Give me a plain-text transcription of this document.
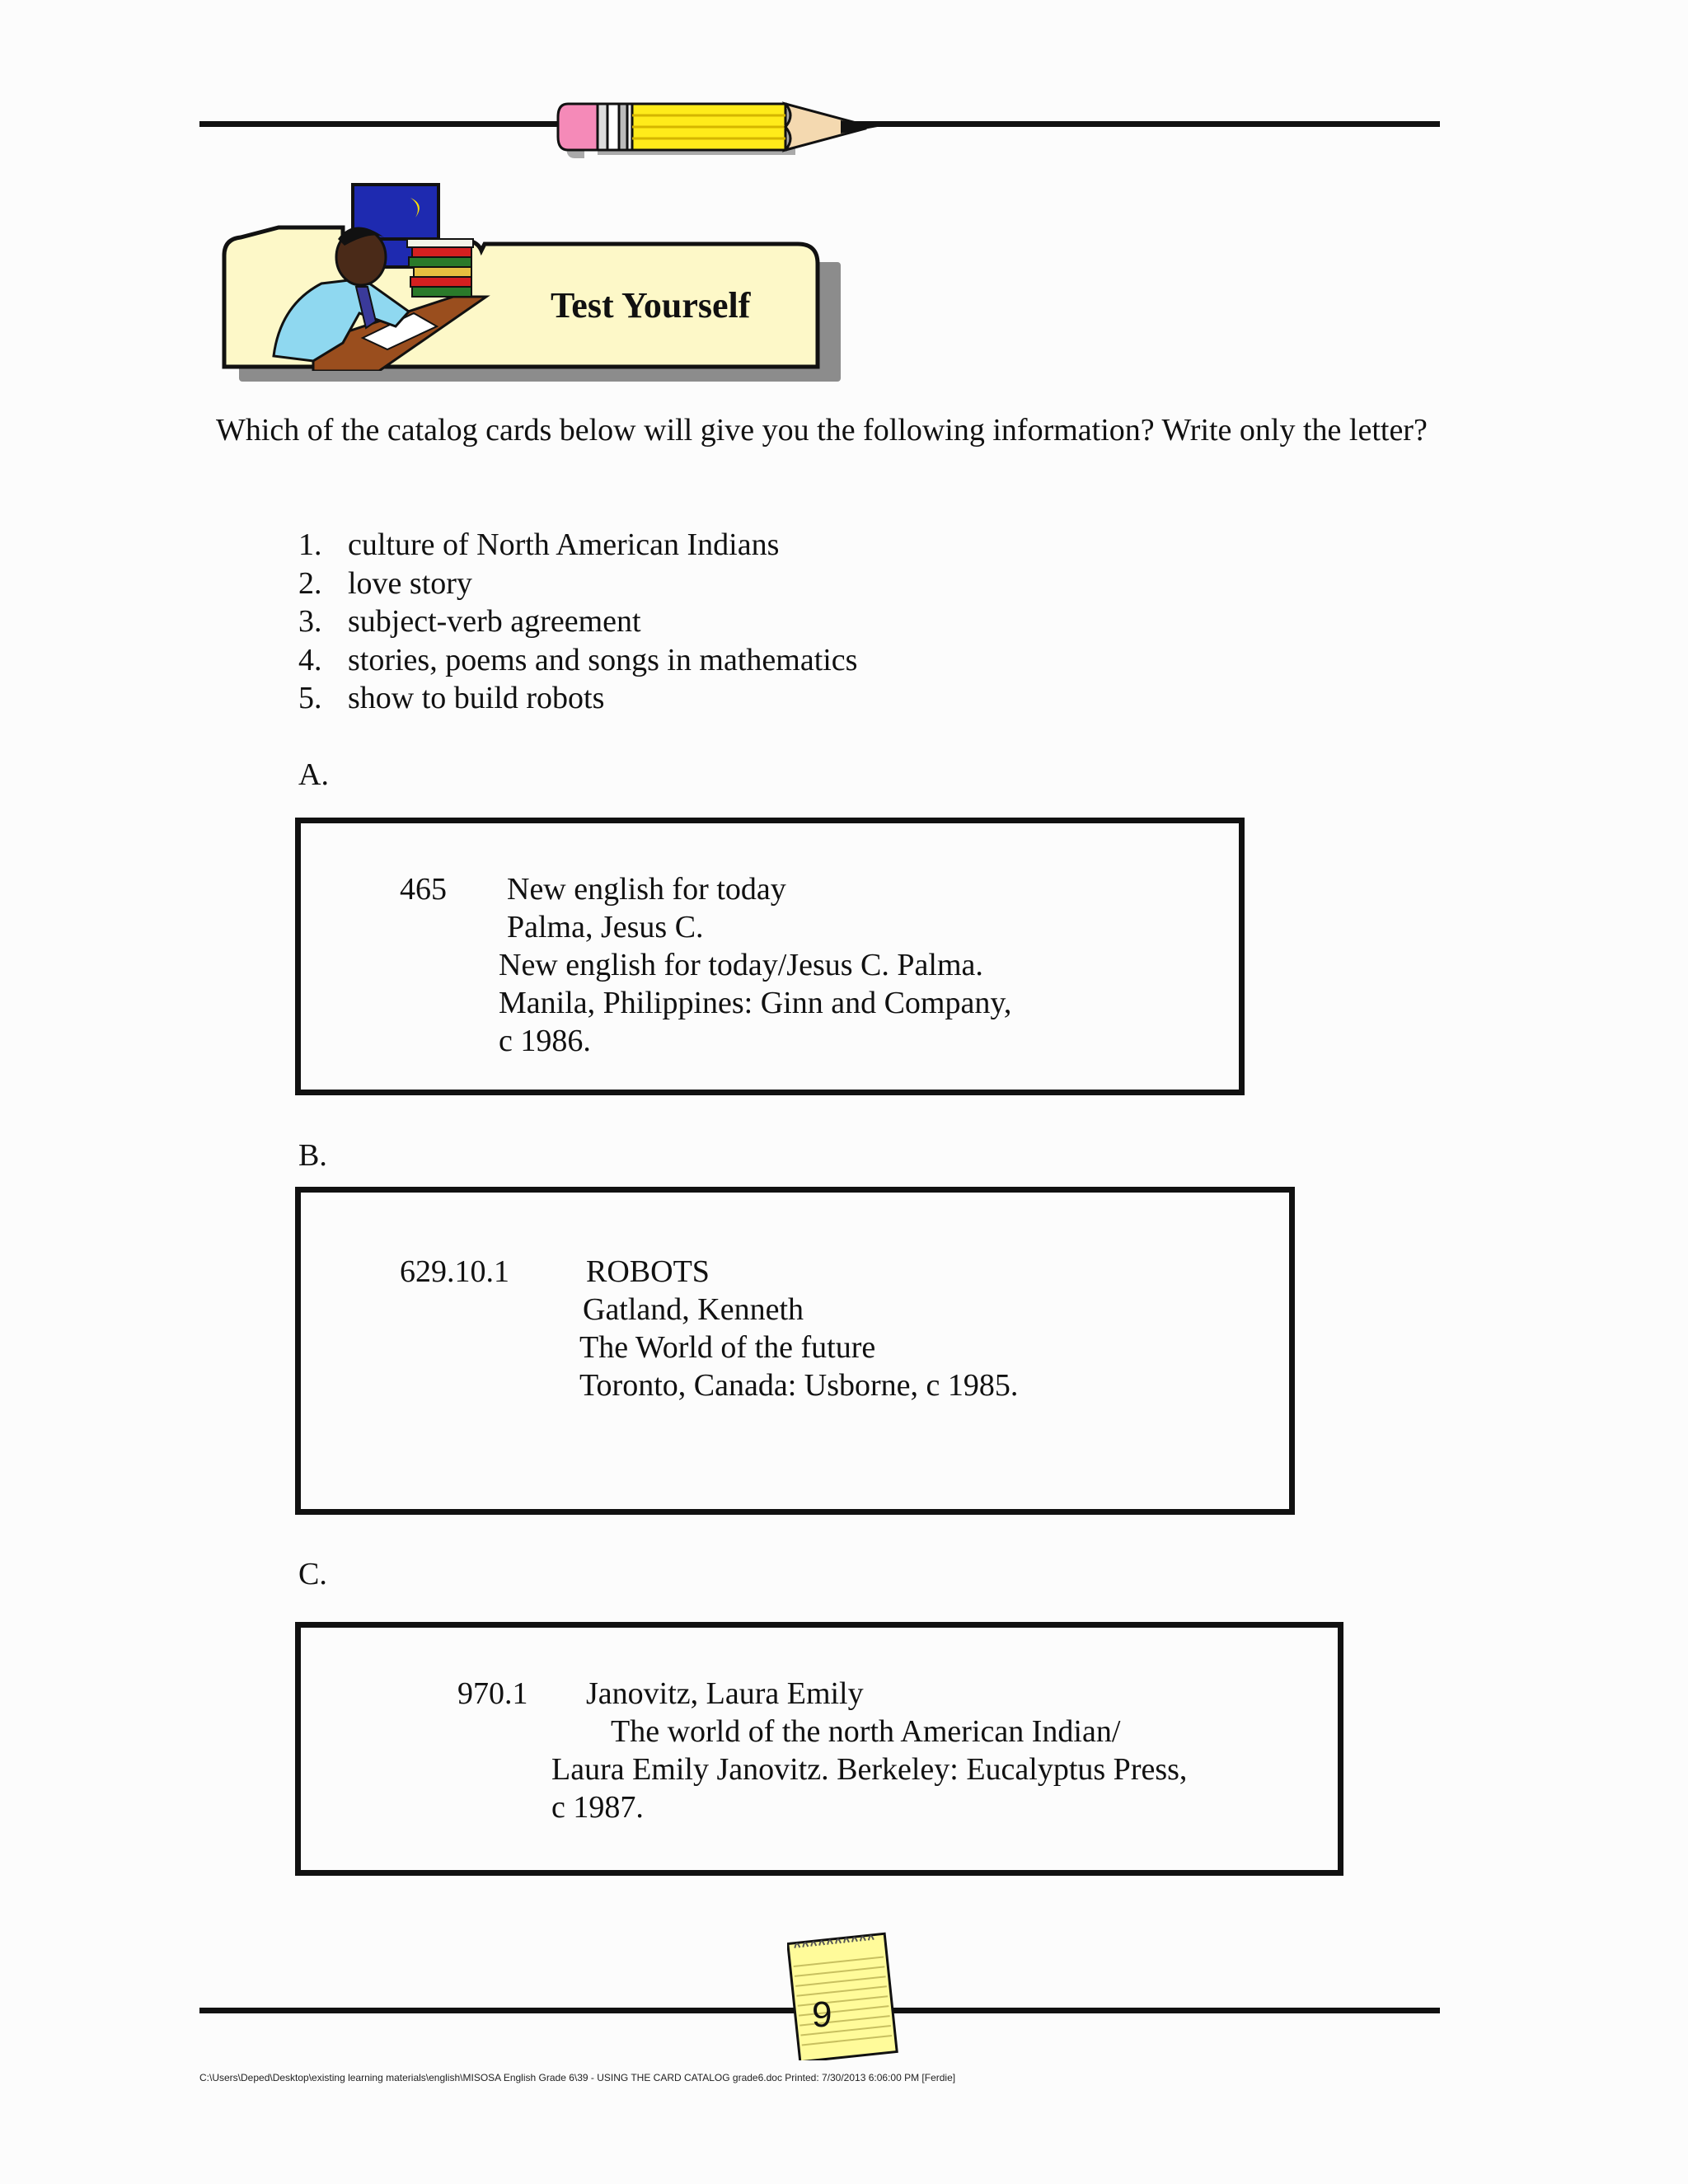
Test Yourself
Which of the catalog cards below will give you the following information? Write only the letter?
1. culture of North American Indians
2. love story
3. subject-verb agreement
4. stories, poems and songs in mathematics
5. show to build robots
A.
465 New english for today
Palma, Jesus C.
New english for today/Jesus C. Palma.
Manila, Philippines: Ginn and Company,
c 1986.
B.
629.10.1 ROBOTS
Gatland, Kenneth
The World of the future
Toronto, Canada: Usborne, c 1985.
C.
970.1 Janovitz, Laura Emily
The world of the north American Indian/
Laura Emily Janovitz. Berkeley: Eucalyptus Press,
c 1987.
9
C:\Users\Deped\Desktop\existing learning materials\english\MISOSA English Grade 6\39 - USING THE CARD CATALOG grade6.doc Printed: 7/30/2013 6:06:00 PM [Ferdie]
